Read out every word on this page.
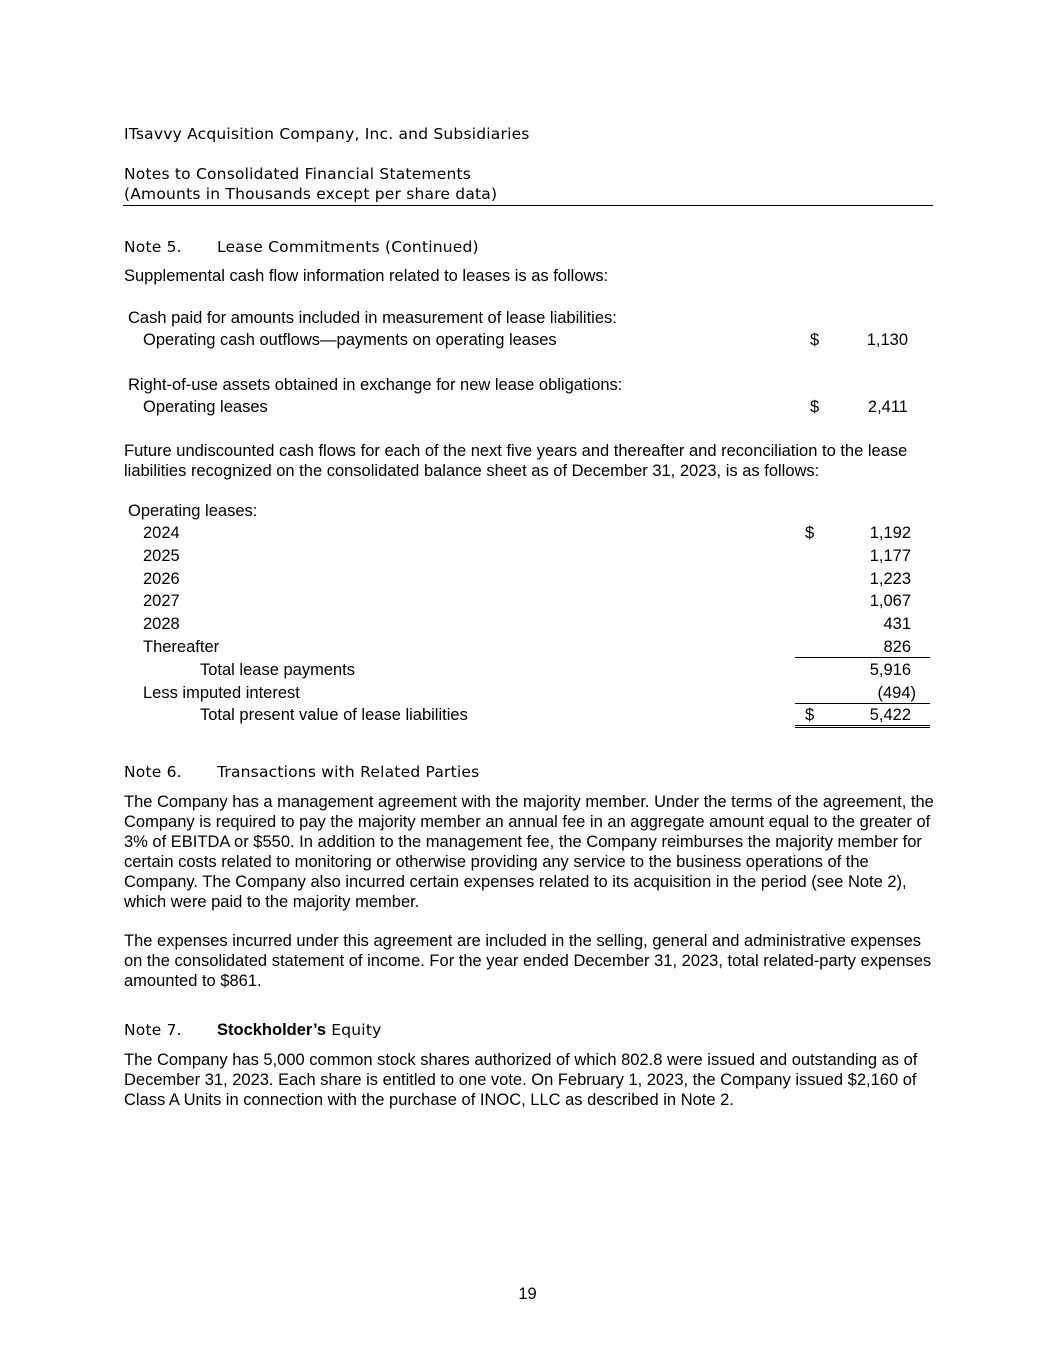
ITsavvy Acquisition Company, Inc. and Subsidiaries
Notes to Consolidated Financial Statements
(Amounts in Thousands except per share data)
Note 5. Lease Commitments (Continued)
Supplemental cash flow information related to leases is as follows:
Cash paid for amounts included in measurement of lease liabilities:
Operating cash outflows—payments on operating leases	$	1,130
Right-of-use assets obtained in exchange for new lease obligations:
Operating leases	$	2,411
Future undiscounted cash flows for each of the next five years and thereafter and reconciliation to the lease liabilities recognized on the consolidated balance sheet as of December 31, 2023, is as follows:
Operating leases:
$
2024	1,192
2025	1,177
2026	1,223
2027	1,067
2028	431
Thereafter	826
Total lease payments	5,916
Less imputed interest	(494)
Total present value of lease liabilities	$	5,422
Note 6. Transactions with Related Parties
The Company has a management agreement with the majority member. Under the terms of the agreement, the Company is required to pay the majority member an annual fee in an aggregate amount equal to the greater of 3% of EBITDA or $550. In addition to the management fee, the Company reimburses the majority member for certain costs related to monitoring or otherwise providing any service to the business operations of the Company. The Company also incurred certain expenses related to its acquisition in the period (see Note 2), which were paid to the majority member.
The expenses incurred under this agreement are included in the selling, general and administrative expenses on the consolidated statement of income. For the year ended December 31, 2023, total related-party expenses amounted to $861.
Note 7. Stockholder’s Equity
The Company has 5,000 common stock shares authorized of which 802.8 were issued and outstanding as of December 31, 2023. Each share is entitled to one vote. On February 1, 2023, the Company issued $2,160 of Class A Units in connection with the purchase of INOC, LLC as described in Note 2.
19
